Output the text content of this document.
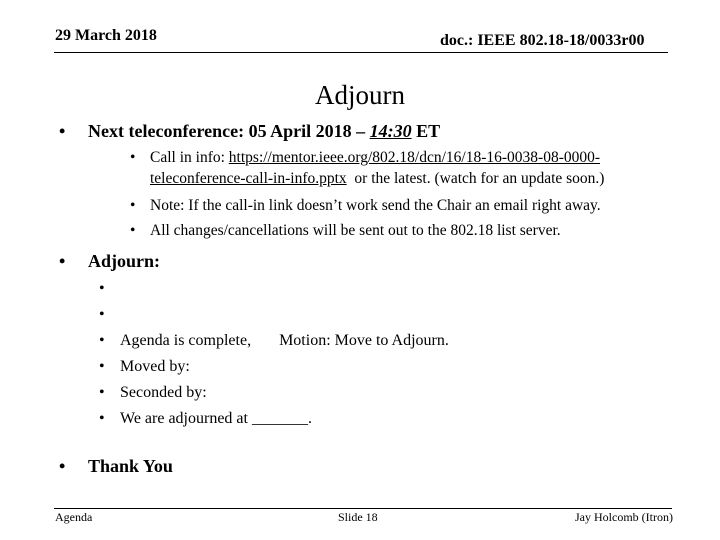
29 March 2018	doc.: IEEE 802.18-18/0033r00
Adjourn
• Next teleconference: 05 April 2018 – 14:30 ET
• Call in info: https://mentor.ieee.org/802.18/dcn/16/18-16-0038-08-0000-
teleconference-call-in-info.pptx  or the latest. (watch for an update soon.)
• Note: If the call-in link doesn’t work send the Chair an email right away.
• All changes/cancellations will be sent out to the 802.18 list server.
• Adjourn:
•
•
• Agenda is complete,       Motion: Move to Adjourn.
• Moved by:
• Seconded by:
• We are adjourned at _______.
• Thank You
Agenda	Slide 18	Jay Holcomb (Itron)
